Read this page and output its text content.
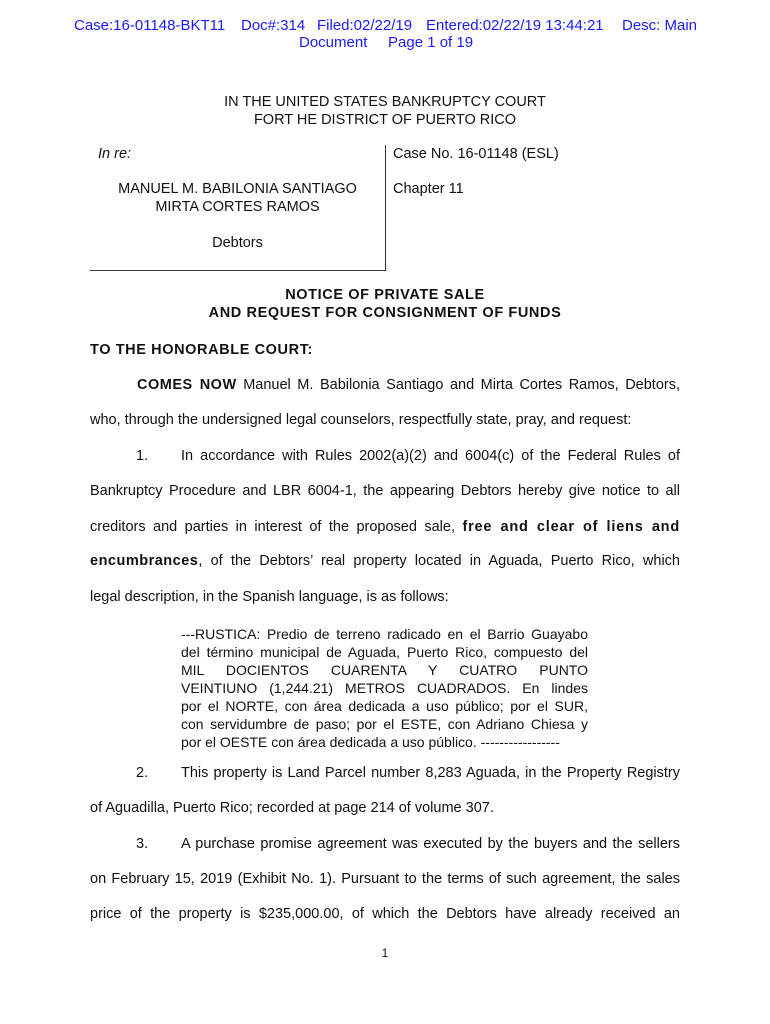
Case:16-01148-BKT11 Doc#:314 Filed:02/22/19 Entered:02/22/19 13:44:21 Desc: Main
Document Page 1 of 19
IN THE UNITED STATES BANKRUPTCY COURT
FORT HE DISTRICT OF PUERTO RICO
In re:
MANUEL M. BABILONIA SANTIAGO
MIRTA CORTES RAMOS
Debtors
Case No. 16-01148 (ESL)
Chapter 11
NOTICE OF PRIVATE SALE
AND REQUEST FOR CONSIGNMENT OF FUNDS
TO THE HONORABLE COURT:
COMES NOW Manuel M. Babilonia Santiago and Mirta Cortes Ramos, Debtors,
who, through the undersigned legal counselors, respectfully state, pray, and request:
1. In accordance with Rules 2002(a)(2) and 6004(c) of the Federal Rules of
Bankruptcy Procedure and LBR 6004-1, the appearing Debtors hereby give notice to all
creditors and parties in interest of the proposed sale, free and clear of liens and
encumbrances, of the Debtors’ real property located in Aguada, Puerto Rico, which
legal description, in the Spanish language, is as follows:
---RUSTICA: Predio de terreno radicado en el Barrio Guayabo
del término municipal de Aguada, Puerto Rico, compuesto del
MIL DOCIENTOS CUARENTA Y CUATRO PUNTO
VEINTIUNO (1,244.21) METROS CUADRADOS. En lindes
por el NORTE, con área dedicada a uso público; por el SUR,
con servidumbre de paso; por el ESTE, con Adriano Chiesa y
por el OESTE con área dedicada a uso público. -----------------
2. This property is Land Parcel number 8,283 Aguada, in the Property Registry
of Aguadilla, Puerto Rico; recorded at page 214 of volume 307.
3. A purchase promise agreement was executed by the buyers and the sellers
on February 15, 2019 (Exhibit No. 1). Pursuant to the terms of such agreement, the sales
price of the property is $235,000.00, of which the Debtors have already received an
1
